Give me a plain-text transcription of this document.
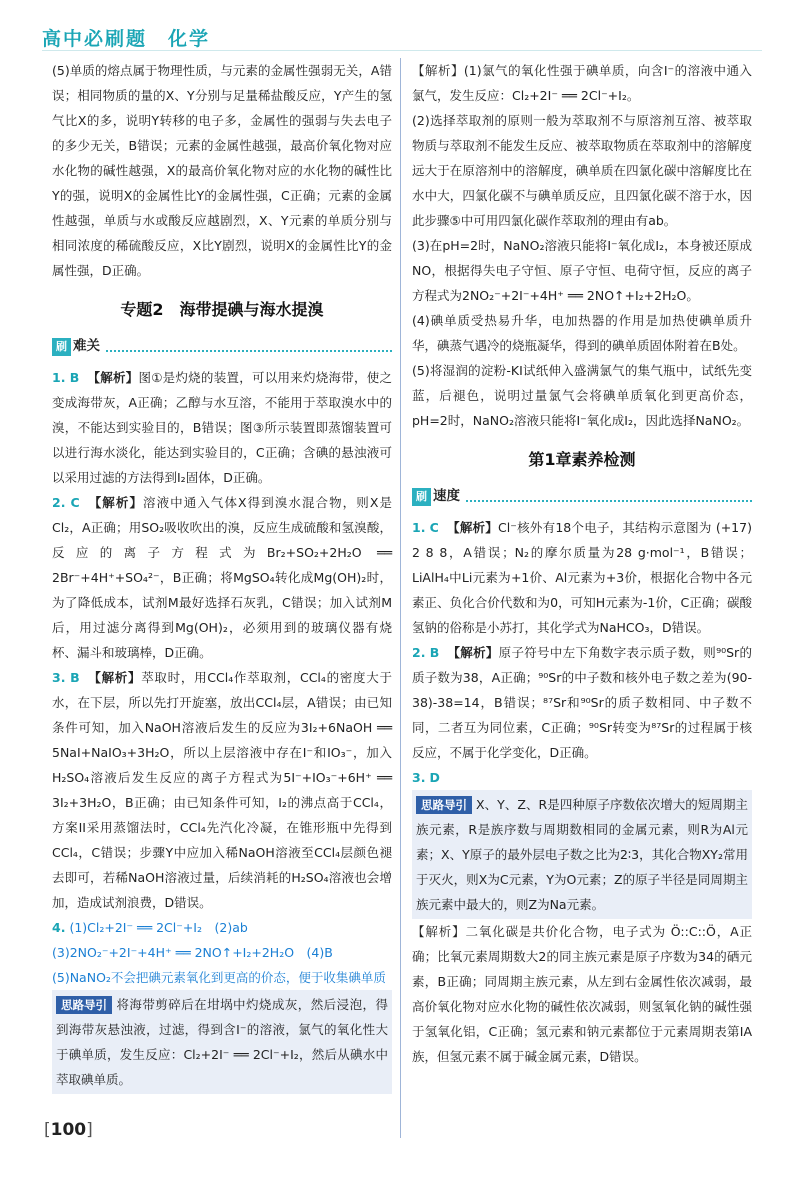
高中必刷题　化学

(5)单质的熔点属于物理性质，与元素的金属性强弱无关，A错误；相同物质的量的X、Y分别与足量稀盐酸反应，Y产生的氢气比X的多，说明Y转移的电子多，金属性的强弱与失去电子的多少无关，B错误；元素的金属性越强，最高价氧化物对应水化物的碱性越强，X的最高价氧化物对应的水化物的碱性比Y的强，说明X的金属性比Y的金属性强，C正确；元素的金属性越强，单质与水或酸反应越剧烈，X、Y元素的单质分别与相同浓度的稀硫酸反应，X比Y剧烈，说明X的金属性比Y的金属性强，D正确。

专题2　海带提碘与海水提溴
刷 难关

1. B 【解析】图①是灼烧的装置，可以用来灼烧海带，使之变成海带灰，A正确；乙醇与水互溶，不能用于萃取溴水中的溴，不能达到实验目的，B错误；图③所示装置即蒸馏装置可以进行海水淡化，能达到实验目的，C正确；含碘的悬浊液可以采用过滤的方法得到I₂固体，D正确。

2. C 【解析】溶液中通入气体X得到溴水混合物，则X是Cl₂，A正确；用SO₂吸收吹出的溴，反应生成硫酸和氢溴酸，反应的离子方程式为Br₂+SO₂+2H₂O ══ 2Br⁻+4H⁺+SO₄²⁻，B正确；将MgSO₄转化成Mg(OH)₂时，为了降低成本，试剂M最好选择石灰乳，C错误；加入试剂M后，用过滤分离得到Mg(OH)₂，必须用到的玻璃仪器有烧杯、漏斗和玻璃棒，D正确。

3. B 【解析】萃取时，用CCl₄作萃取剂，CCl₄的密度大于水，在下层，所以先打开旋塞，放出CCl₄层，A错误；由已知条件可知，加入NaOH溶液后发生的反应为3I₂+6NaOH ══ 5NaI+NaIO₃+3H₂O，所以上层溶液中存在I⁻和IO₃⁻，加入H₂SO₄溶液后发生反应的离子方程式为5I⁻+IO₃⁻+6H⁺ ══ 3I₂+3H₂O，B正确；由已知条件可知，I₂的沸点高于CCl₄，方案II采用蒸馏法时，CCl₄先汽化冷凝，在锥形瓶中先得到CCl₄，C错误；步骤Y中应加入稀NaOH溶液至CCl₄层颜色褪去即可，若稀NaOH溶液过量，后续消耗的H₂SO₄溶液也会增加，造成试剂浪费，D错误。

4. (1)Cl₂+2I⁻ ══ 2Cl⁻+I₂　(2)ab

(3)2NO₂⁻+2I⁻+4H⁺ ══ 2NO↑+I₂+2H₂O　(4)B

(5)NaNO₂不会把碘元素氧化到更高的价态，便于收集碘单质

思路导引 将海带剪碎后在坩埚中灼烧成灰，然后浸泡，得到海带灰悬浊液，过滤，得到含I⁻的溶液，氯气的氧化性大于碘单质，发生反应：Cl₂+2I⁻ ══ 2Cl⁻+I₂，然后从碘水中萃取碘单质。

【解析】(1)氯气的氧化性强于碘单质，向含I⁻的溶液中通入氯气，发生反应：Cl₂+2I⁻ ══ 2Cl⁻+I₂。

(2)选择萃取剂的原则一般为萃取剂不与原溶剂互溶、被萃取物质与萃取剂不能发生反应、被萃取物质在萃取剂中的溶解度远大于在原溶剂中的溶解度，碘单质在四氯化碳中溶解度比在水中大，四氯化碳不与碘单质反应，且四氯化碳不溶于水，因此步骤⑤中可用四氯化碳作萃取剂的理由有ab。

(3)在pH=2时，NaNO₂溶液只能将I⁻氧化成I₂，本身被还原成NO，根据得失电子守恒、原子守恒、电荷守恒，反应的离子方程式为2NO₂⁻+2I⁻+4H⁺ ══ 2NO↑+I₂+2H₂O。

(4)碘单质受热易升华，电加热器的作用是加热使碘单质升华，碘蒸气遇冷的烧瓶凝华，得到的碘单质固体附着在B处。

(5)将湿润的淀粉-KI试纸伸入盛满氯气的集气瓶中，试纸先变蓝，后褪色，说明过量氯气会将碘单质氧化到更高价态，pH=2时，NaNO₂溶液只能将I⁻氧化成I₂，因此选择NaNO₂。

第1章素养检测
刷 速度

1. C 【解析】Cl⁻核外有18个电子，其结构示意图为 (+17) 2 8 8，A错误；N₂的摩尔质量为28 g·mol⁻¹，B错误；LiAlH₄中Li元素为+1价、Al元素为+3价，根据化合物中各元素正、负化合价代数和为0，可知H元素为-1价，C正确；碳酸氢钠的俗称是小苏打，其化学式为NaHCO₃，D错误。

2. B 【解析】原子符号中左下角数字表示质子数，则⁹⁰Sr的质子数为38，A正确；⁹⁰Sr的中子数和核外电子数之差为(90-38)-38=14，B错误；⁸⁷Sr和⁹⁰Sr的质子数相同、中子数不同，二者互为同位素，C正确；⁹⁰Sr转变为⁸⁷Sr的过程属于核反应，不属于化学变化，D正确。

3. D

思路导引 X、Y、Z、R是四种原子序数依次增大的短周期主族元素，R是族序数与周期数相同的金属元素，则R为Al元素；X、Y原子的最外层电子数之比为2∶3，其化合物XY₂常用于灭火，则X为C元素，Y为O元素；Z的原子半径是同周期主族元素中最大的，则Z为Na元素。

【解析】二氧化碳是共价化合物，电子式为 Ö::C::Ö，A正确；比氧元素周期数大2的同主族元素是原子序数为34的硒元素，B正确；同周期主族元素，从左到右金属性依次减弱，最高价氧化物对应水化物的碱性依次减弱，则氢氧化钠的碱性强于氢氧化铝，C正确；氢元素和钠元素都位于元素周期表第IA族，但氢元素不属于碱金属元素，D错误。

[100]
